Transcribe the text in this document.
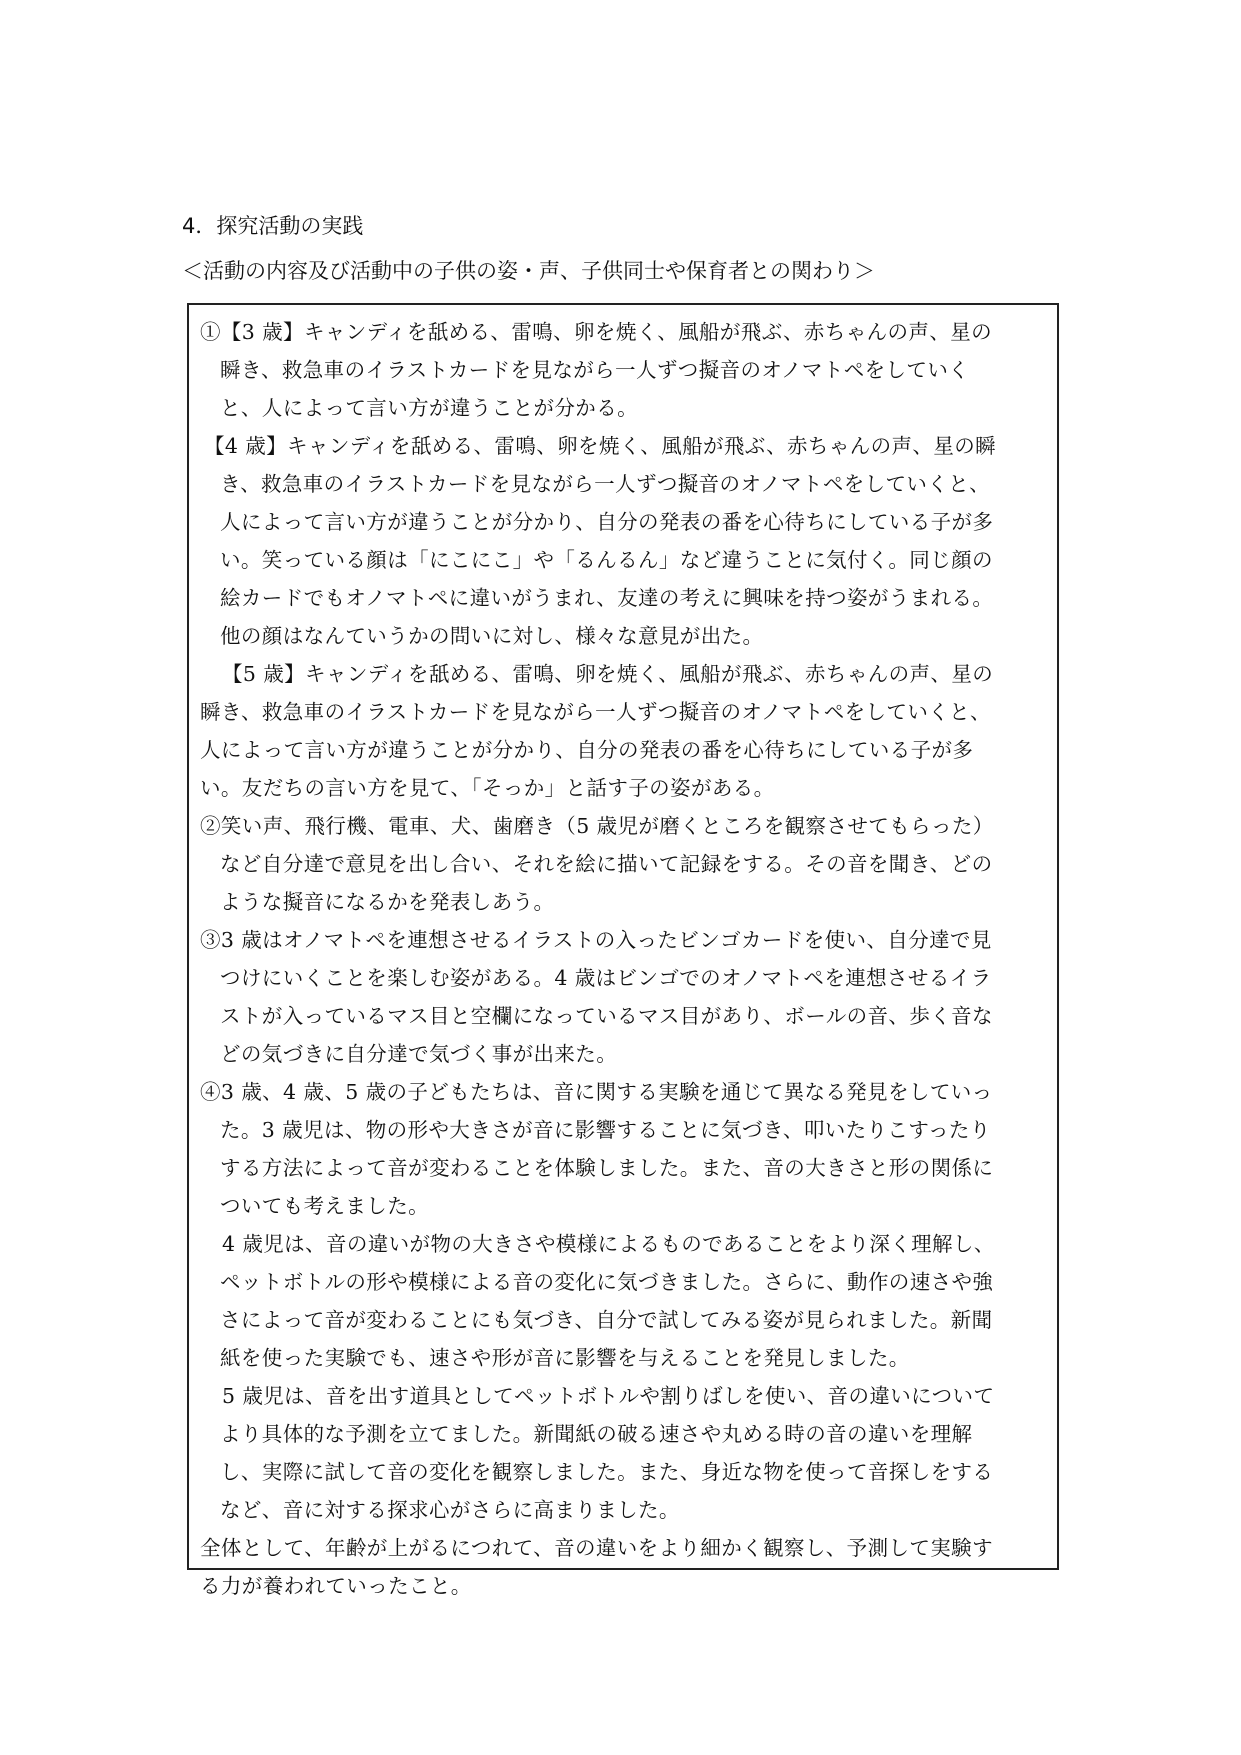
4．探究活動の実践
＜活動の内容及び活動中の子供の姿・声、子供同士や保育者との関わり＞
①【3 歳】キャンディを舐める、雷鳴、卵を焼く、風船が飛ぶ、赤ちゃんの声、星の
瞬き、救急車のイラストカードを見ながら一人ずつ擬音のオノマトペをしていく
と、人によって言い方が違うことが分かる。
【4 歳】キャンディを舐める、雷鳴、卵を焼く、風船が飛ぶ、赤ちゃんの声、星の瞬
き、救急車のイラストカードを見ながら一人ずつ擬音のオノマトペをしていくと、
人によって言い方が違うことが分かり、自分の発表の番を心待ちにしている子が多
い。笑っている顔は「にこにこ」や「るんるん」など違うことに気付く。同じ顔の
絵カードでもオノマトペに違いがうまれ、友達の考えに興味を持つ姿がうまれる。
他の顔はなんていうかの問いに対し、様々な意見が出た。
【5 歳】キャンディを舐める、雷鳴、卵を焼く、風船が飛ぶ、赤ちゃんの声、星の
瞬き、救急車のイラストカードを見ながら一人ずつ擬音のオノマトペをしていくと、
人によって言い方が違うことが分かり、自分の発表の番を心待ちにしている子が多
い。友だちの言い方を見て、「そっか」と話す子の姿がある。
②笑い声、飛行機、電車、犬、歯磨き（5 歳児が磨くところを観察させてもらった）
など自分達で意見を出し合い、それを絵に描いて記録をする。その音を聞き、どの
ような擬音になるかを発表しあう。
③3 歳はオノマトペを連想させるイラストの入ったビンゴカードを使い、自分達で見
つけにいくことを楽しむ姿がある。4 歳はビンゴでのオノマトペを連想させるイラ
ストが入っているマス目と空欄になっているマス目があり、ボールの音、歩く音な
どの気づきに自分達で気づく事が出来た。
④3 歳、4 歳、5 歳の子どもたちは、音に関する実験を通じて異なる発見をしていっ
た。3 歳児は、物の形や大きさが音に影響することに気づき、叩いたりこすったり
する方法によって音が変わることを体験しました。また、音の大きさと形の関係に
ついても考えました。
4 歳児は、音の違いが物の大きさや模様によるものであることをより深く理解し、
ペットボトルの形や模様による音の変化に気づきました。さらに、動作の速さや強
さによって音が変わることにも気づき、自分で試してみる姿が見られました。新聞
紙を使った実験でも、速さや形が音に影響を与えることを発見しました。
5 歳児は、音を出す道具としてペットボトルや割りばしを使い、音の違いについて
より具体的な予測を立てました。新聞紙の破る速さや丸める時の音の違いを理解
し、実際に試して音の変化を観察しました。また、身近な物を使って音探しをする
など、音に対する探求心がさらに高まりました。
全体として、年齢が上がるにつれて、音の違いをより細かく観察し、予測して実験す
る力が養われていったこと。
